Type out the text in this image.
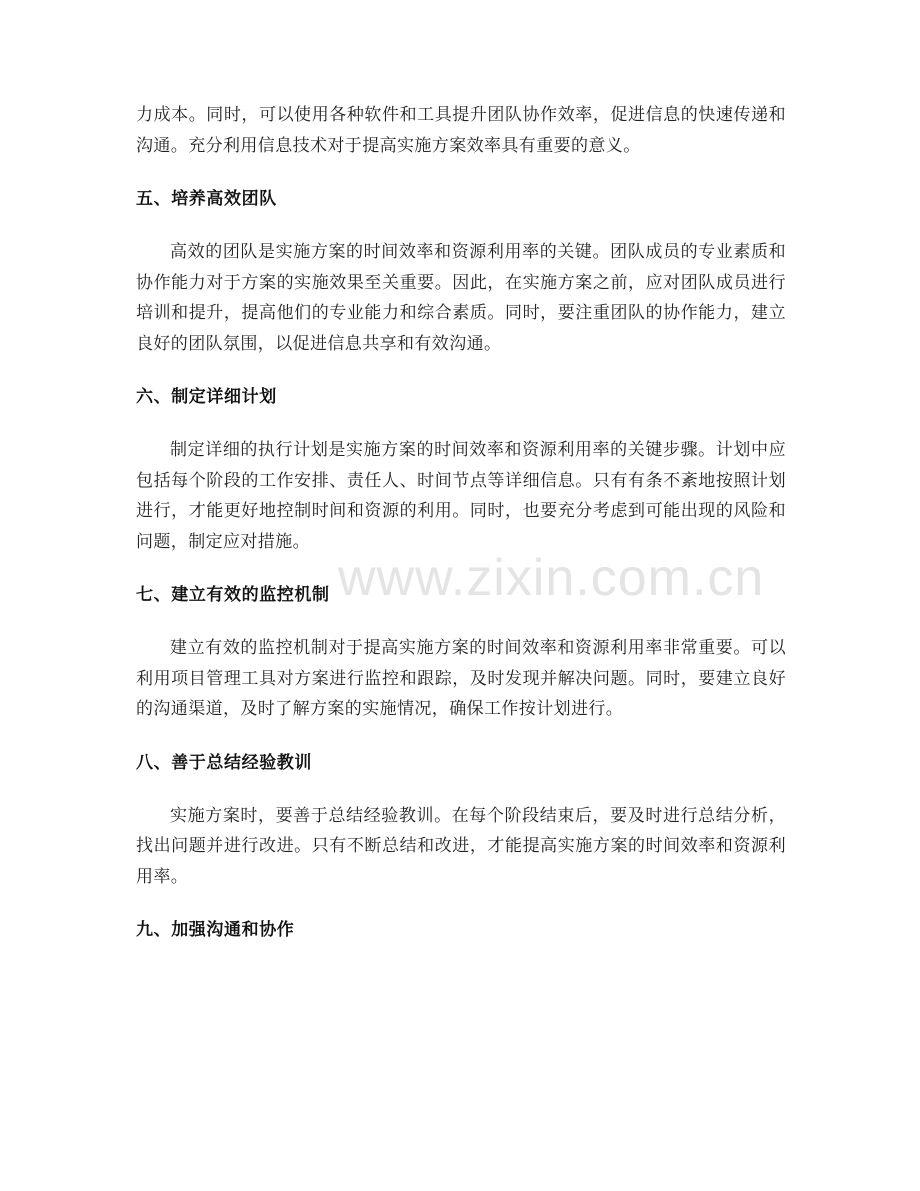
力成本。同时，可以使用各种软件和工具提升团队协作效率，促进信息的快速传递和沟通。充分利用信息技术对于提高实施方案效率具有重要的意义。

五、培养高效团队

高效的团队是实施方案的时间效率和资源利用率的关键。团队成员的专业素质和协作能力对于方案的实施效果至关重要。因此，在实施方案之前，应对团队成员进行培训和提升，提高他们的专业能力和综合素质。同时，要注重团队的协作能力，建立良好的团队氛围，以促进信息共享和有效沟通。

六、制定详细计划

制定详细的执行计划是实施方案的时间效率和资源利用率的关键步骤。计划中应包括每个阶段的工作安排、责任人、时间节点等详细信息。只有有条不紊地按照计划进行，才能更好地控制时间和资源的利用。同时，也要充分考虑到可能出现的风险和问题，制定应对措施。

七、建立有效的监控机制

建立有效的监控机制对于提高实施方案的时间效率和资源利用率非常重要。可以利用项目管理工具对方案进行监控和跟踪，及时发现并解决问题。同时，要建立良好的沟通渠道，及时了解方案的实施情况，确保工作按计划进行。

八、善于总结经验教训

实施方案时，要善于总结经验教训。在每个阶段结束后，要及时进行总结分析，找出问题并进行改进。只有不断总结和改进，才能提高实施方案的时间效率和资源利用率。

九、加强沟通和协作
www.zixin.com.cn
